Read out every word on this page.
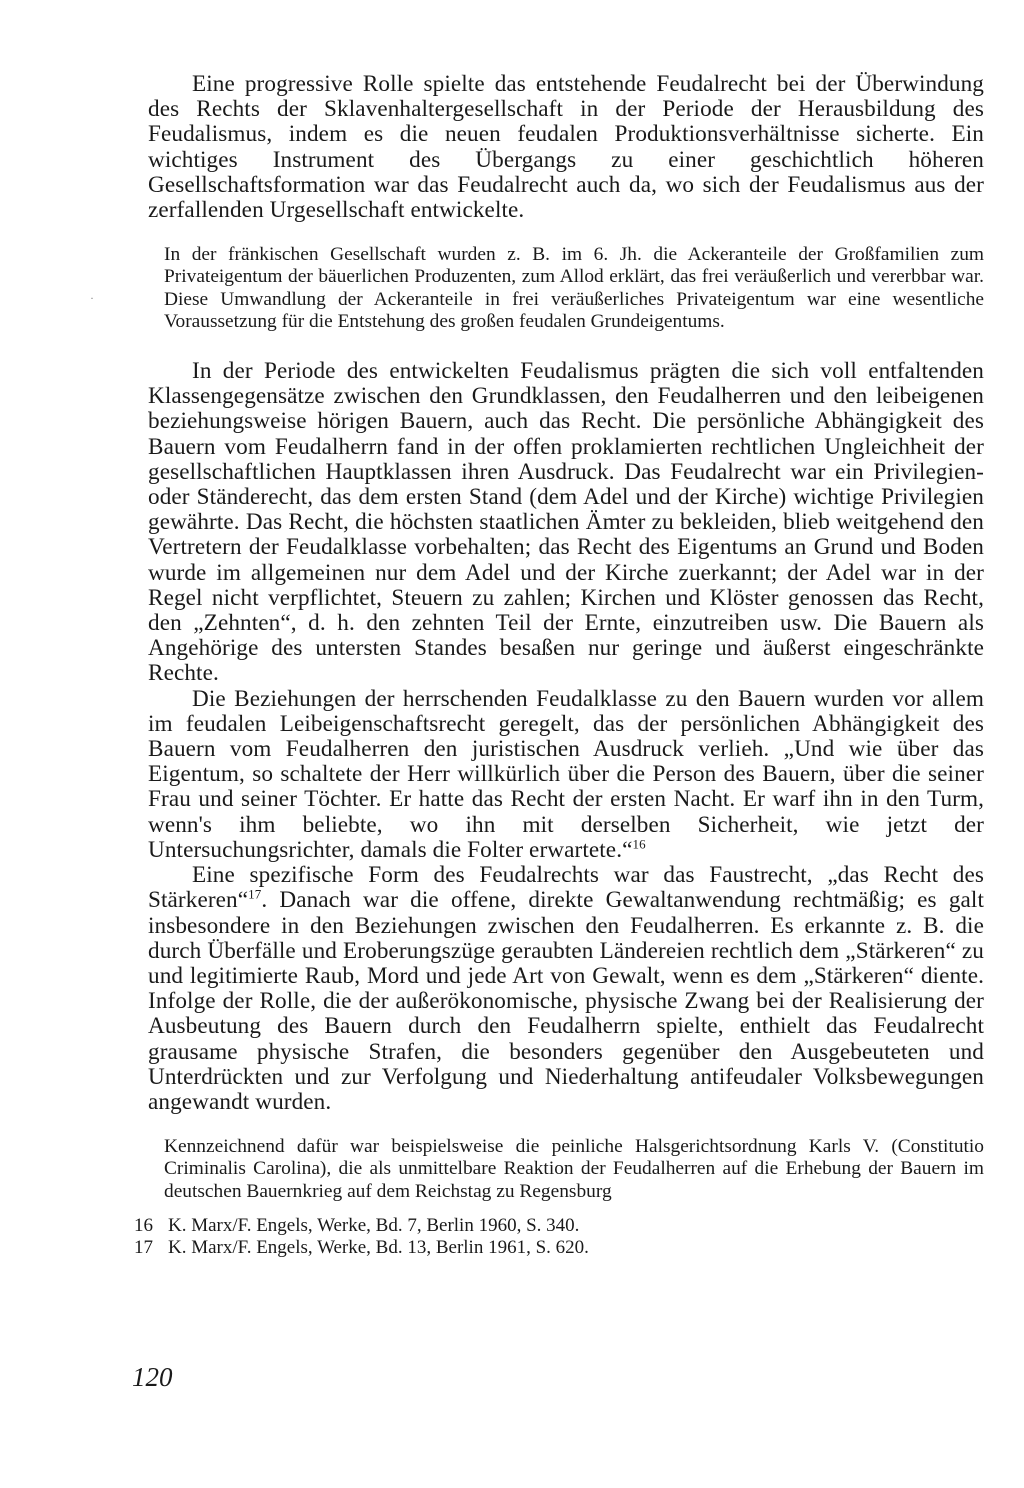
·

Eine progressive Rolle spielte das entstehende Feudalrecht bei der Überwindung des Rechts der Sklavenhaltergesellschaft in der Periode der Herausbildung des Feudalismus, indem es die neuen feudalen Produktionsverhältnisse sicherte. Ein wichtiges Instrument des Übergangs zu einer geschichtlich höheren Gesellschaftsformation war das Feudalrecht auch da, wo sich der Feudalismus aus der zerfallenden Urgesellschaft entwickelte.

In der fränkischen Gesellschaft wurden z. B. im 6. Jh. die Ackeranteile der Großfamilien zum Privateigentum der bäuerlichen Produzenten, zum Allod erklärt, das frei veräußerlich und vererbbar war. Diese Umwandlung der Ackeranteile in frei veräußerliches Privateigentum war eine wesentliche Voraussetzung für die Entstehung des großen feudalen Grundeigentums.

In der Periode des entwickelten Feudalismus prägten die sich voll entfaltenden Klassengegensätze zwischen den Grundklassen, den Feudalherren und den leibeigenen beziehungsweise hörigen Bauern, auch das Recht. Die persönliche Abhängigkeit des Bauern vom Feudalherrn fand in der offen proklamierten rechtlichen Ungleichheit der gesellschaftlichen Hauptklassen ihren Ausdruck. Das Feudalrecht war ein Privilegien- oder Ständerecht, das dem ersten Stand (dem Adel und der Kirche) wichtige Privilegien gewährte. Das Recht, die höchsten staatlichen Ämter zu bekleiden, blieb weitgehend den Vertretern der Feudalklasse vorbehalten; das Recht des Eigentums an Grund und Boden wurde im allgemeinen nur dem Adel und der Kirche zuerkannt; der Adel war in der Regel nicht verpflichtet, Steuern zu zahlen; Kirchen und Klöster genossen das Recht, den „Zehnten“, d. h. den zehnten Teil der Ernte, einzutreiben usw. Die Bauern als Angehörige des untersten Standes besaßen nur geringe und äußerst eingeschränkte Rechte.

Die Beziehungen der herrschenden Feudalklasse zu den Bauern wurden vor allem im feudalen Leibeigenschaftsrecht geregelt, das der persönlichen Abhängigkeit des Bauern vom Feudalherren den juristischen Ausdruck verlieh. „Und wie über das Eigentum, so schaltete der Herr willkürlich über die Person des Bauern, über die seiner Frau und seiner Töchter. Er hatte das Recht der ersten Nacht. Er warf ihn in den Turm, wenn's ihm beliebte, wo ihn mit derselben Sicherheit, wie jetzt der Untersuchungsrichter, damals die Folter erwartete.“$^{16}$

Eine spezifische Form des Feudalrechts war das Faustrecht, „das Recht des Stärkeren“$^{17}$. Danach war die offene, direkte Gewaltanwendung rechtmäßig; es galt insbesondere in den Beziehungen zwischen den Feudalherren. Es erkannte z. B. die durch Überfälle und Eroberungszüge geraubten Ländereien rechtlich dem „Stärkeren“ zu und legitimierte Raub, Mord und jede Art von Gewalt, wenn es dem „Stärkeren“ diente. Infolge der Rolle, die der außerökonomische, physische Zwang bei der Realisierung der Ausbeutung des Bauern durch den Feudalherrn spielte, enthielt das Feudalrecht grausame physische Strafen, die besonders gegenüber den Ausgebeuteten und Unterdrückten und zur Verfolgung und Niederhaltung antifeudaler Volksbewegungen angewandt wurden.

Kennzeichnend dafür war beispielsweise die peinliche Halsgerichtsordnung Karls V. (Constitutio Criminalis Carolina), die als unmittelbare Reaktion der Feudalherren auf die Erhebung der Bauern im deutschen Bauernkrieg auf dem Reichstag zu Regensburg

16 K. Marx/F. Engels, Werke, Bd. 7, Berlin 1960, S. 340.
17 K. Marx/F. Engels, Werke, Bd. 13, Berlin 1961, S. 620.
120
